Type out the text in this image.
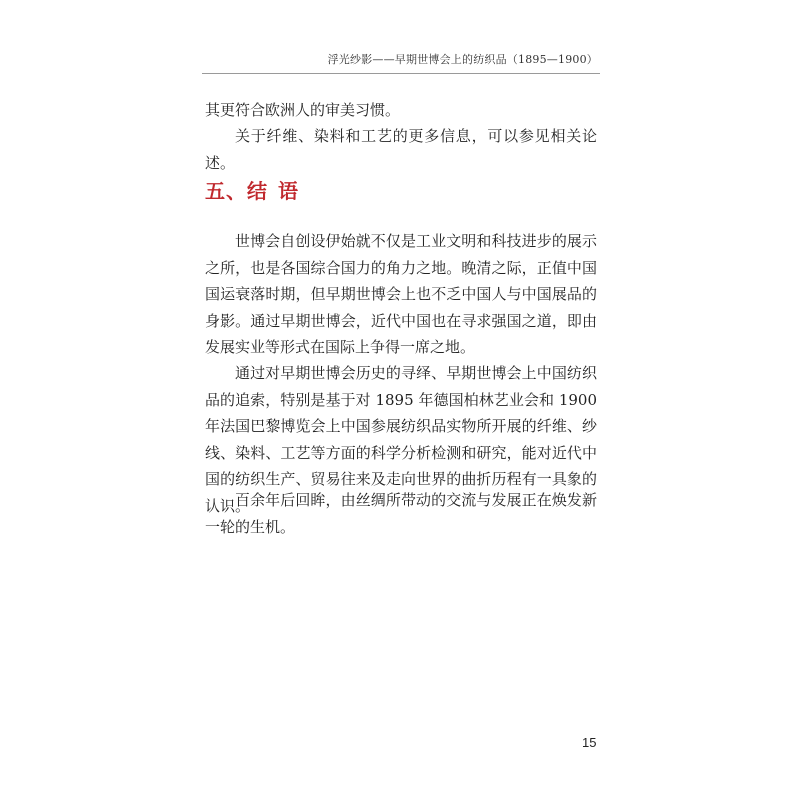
浮光纱影——早期世博会上的纺织品（1895—1900）

其更符合欧洲人的审美习惯。

关于纤维、染料和工艺的更多信息，可以参见相关论述。

五、结 语

世博会自创设伊始就不仅是工业文明和科技进步的展示之所，也是各国综合国力的角力之地。晚清之际，正值中国国运衰落时期，但早期世博会上也不乏中国人与中国展品的身影。通过早期世博会，近代中国也在寻求强国之道，即由发展实业等形式在国际上争得一席之地。

通过对早期世博会历史的寻绎、早期世博会上中国纺织品的追索，特别是基于对 1895 年德国柏林艺业会和 1900 年法国巴黎博览会上中国参展纺织品实物所开展的纤维、纱线、染料、工艺等方面的科学分析检测和研究，能对近代中国的纺织生产、贸易往来及走向世界的曲折历程有一具象的认识。

百余年后回眸，由丝绸所带动的交流与发展正在焕发新一轮的生机。

15
